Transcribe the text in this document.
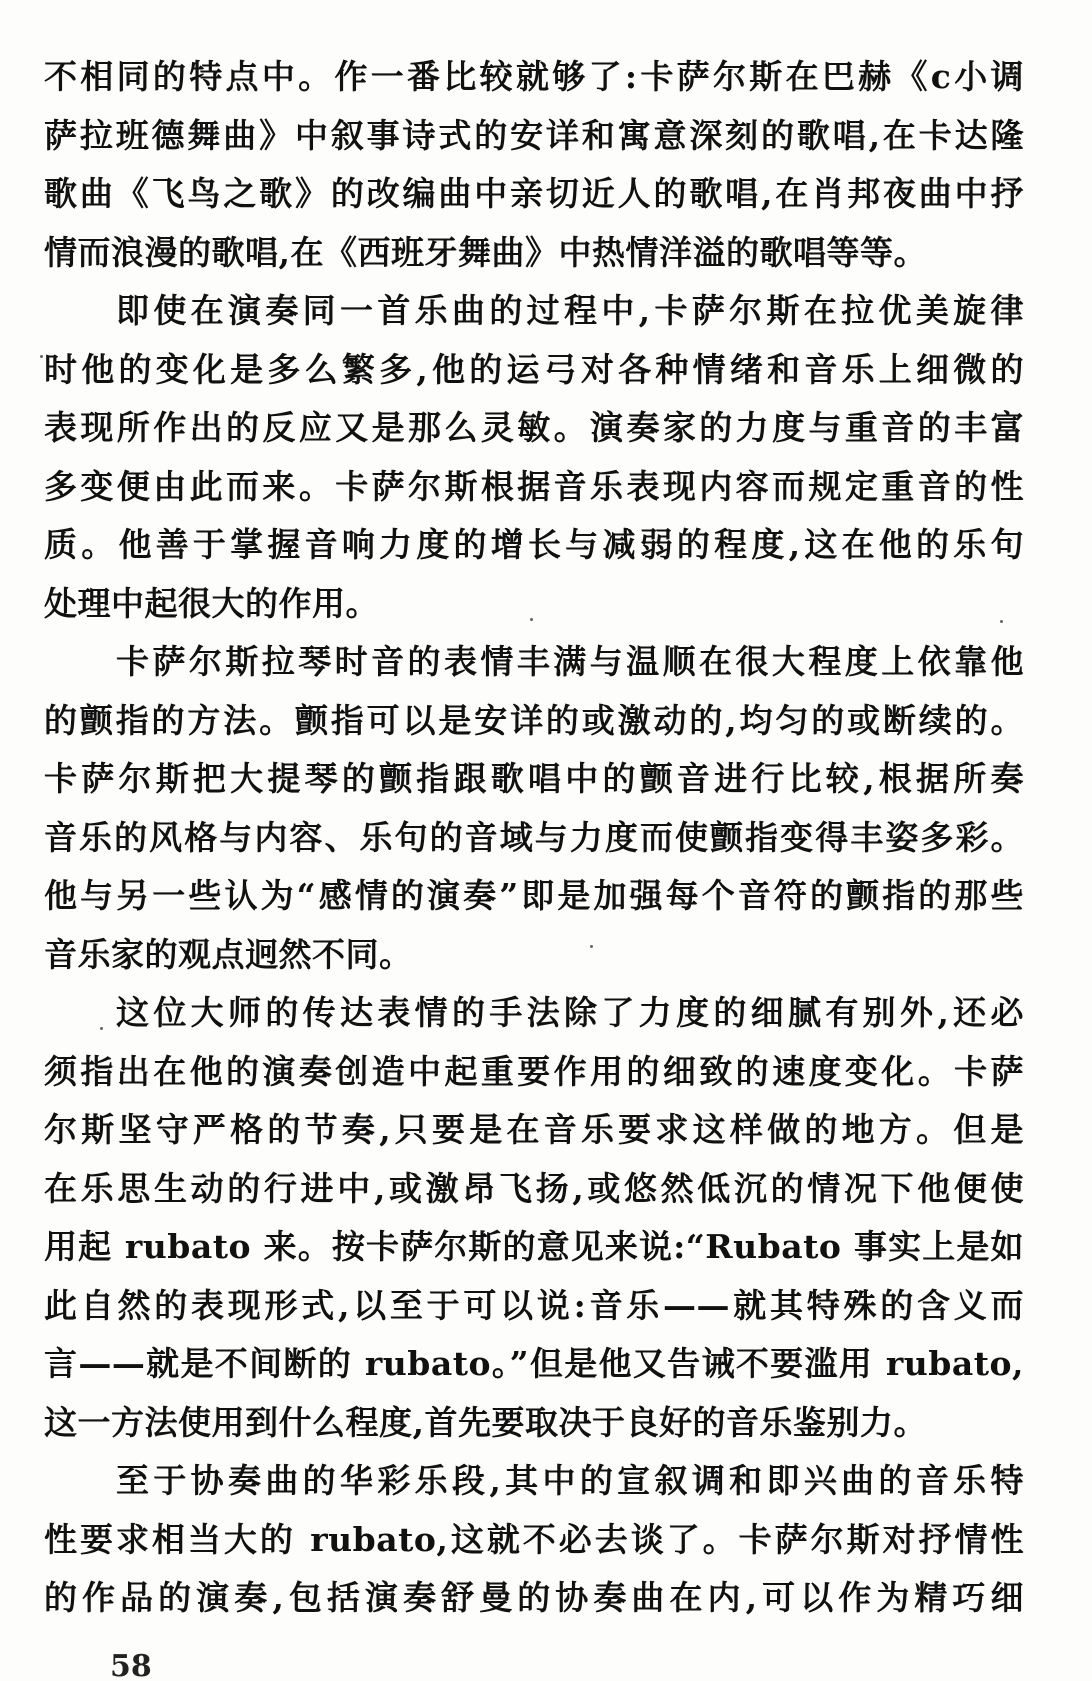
不相同的特点中。作一番比较就够了:卡萨尔斯在巴赫《c小调
萨拉班德舞曲》中叙事诗式的安详和寓意深刻的歌唱,在卡达隆
歌曲《飞鸟之歌》的改编曲中亲切近人的歌唱,在肖邦夜曲中抒
情而浪漫的歌唱,在《西班牙舞曲》中热情洋溢的歌唱等等。
即使在演奏同一首乐曲的过程中,卡萨尔斯在拉优美旋律
时他的变化是多么繁多,他的运弓对各种情绪和音乐上细微的
表现所作出的反应又是那么灵敏。演奏家的力度与重音的丰富
多变便由此而来。卡萨尔斯根据音乐表现内容而规定重音的性
质。他善于掌握音响力度的增长与减弱的程度,这在他的乐句
处理中起很大的作用。
卡萨尔斯拉琴时音的表情丰满与温顺在很大程度上依靠他
的颤指的方法。颤指可以是安详的或激动的,均匀的或断续的。
卡萨尔斯把大提琴的颤指跟歌唱中的颤音进行比较,根据所奏
音乐的风格与内容、乐句的音域与力度而使颤指变得丰姿多彩。
他与另一些认为“感情的演奏”即是加强每个音符的颤指的那些
音乐家的观点迥然不同。
这位大师的传达表情的手法除了力度的细腻有别外,还必
须指出在他的演奏创造中起重要作用的细致的速度变化。卡萨
尔斯坚守严格的节奏,只要是在音乐要求这样做的地方。但是
在乐思生动的行进中,或激昂飞扬,或悠然低沉的情况下他便使
用起 rubato 来。按卡萨尔斯的意见来说:“Rubato 事实上是如
此自然的表现形式,以至于可以说:音乐——就其特殊的含义而
言——就是不间断的 rubato。”但是他又告诫不要滥用 rubato,
这一方法使用到什么程度,首先要取决于良好的音乐鉴别力。
至于协奏曲的华彩乐段,其中的宣叙调和即兴曲的音乐特
性要求相当大的 rubato,这就不必去谈了。卡萨尔斯对抒情性
的作品的演奏,包括演奏舒曼的协奏曲在内,可以作为精巧细
58
